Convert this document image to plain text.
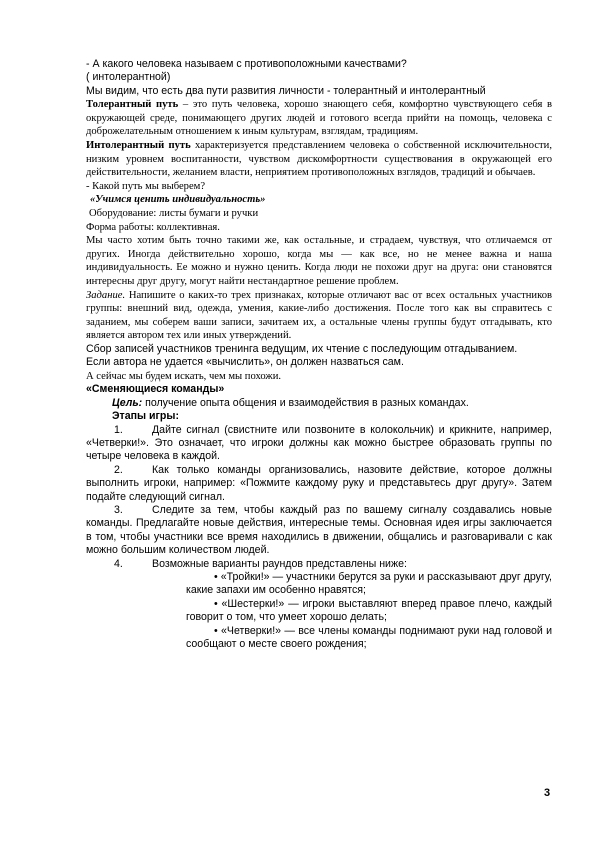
- А какого человека называем с противоположными качествами?

( интолерантной)

Мы видим, что есть два пути развития личности - толерантный и интолерантный

Толерантный путь – это путь человека, хорошо знающего себя, комфортно чувствующего себя в окружающей среде, понимающего других людей и готового всегда прийти на помощь, человека с доброжелательным отношением к иным культурам, взглядам, традициям.

Интолерантный путь характеризуется представлением человека о собственной исключительности, низким уровнем воспитанности, чувством дискомфортности существования в окружающей его действительности, желанием власти, неприятием противоположных взглядов, традиций и обычаев.

- Какой путь мы выберем?

«Учимся ценить индивидуальность»

Оборудование: листы бумаги и ручки

Форма работы: коллективная.

Мы часто хотим быть точно такими же, как остальные, и страдаем, чувствуя, что отличаемся от других. Иногда действительно хорошо, когда мы — как все, но не менее важна и наша индивидуальность. Ее можно и нужно ценить. Когда люди не похожи друг на друга: они становятся интересны друг другу, могут найти нестандартное решение проблем.

Задание. Напишите о каких-то трех признаках, которые отличают вас от всех остальных участников группы: внешний вид, одежда, умения, какие-либо достижения. После того как вы справитесь с заданием, мы соберем ваши записи, зачитаем их, а остальные члены группы будут отгадывать, кто является автором тех или иных утверждений.

Сбор записей участников тренинга ведущим, их чтение с последующим отгадыванием.

Если автора не удается «вычислить», он должен назваться сам.

А сейчас мы будем искать, чем мы похожи.

«Сменяющиеся команды»

Цель: получение опыта общения и взаимодействия в разных командах.

Этапы игры:

1.	Дайте сигнал (свистните или позвоните в колокольчик) и крикните, например, «Четверки!». Это означает, что игроки должны как можно быстрее образовать группы по четыре человека в каждой.

2.	Как только команды организовались, назовите действие, которое должны выполнить игроки, например: «Пожмите каждому руку и представьтесь друг другу». Затем подайте следующий сигнал.

3.	Следите за тем, чтобы каждый раз по вашему сигналу создавались новые команды. Предлагайте новые действия, интересные темы. Основная идея игры заключается в том, чтобы участники все время находились в движении, общались и разговаривали с как можно большим количеством людей.

4.	Возможные варианты раундов представлены ниже:

• «Тройки!» — участники берутся за руки и рассказывают друг другу, какие запахи им особенно нравятся;

• «Шестерки!» — игроки выставляют вперед правое плечо, каждый говорит о том, что умеет хорошо делать;

• «Четверки!» — все члены команды поднимают руки над головой и сообщают о месте своего рождения;

3
